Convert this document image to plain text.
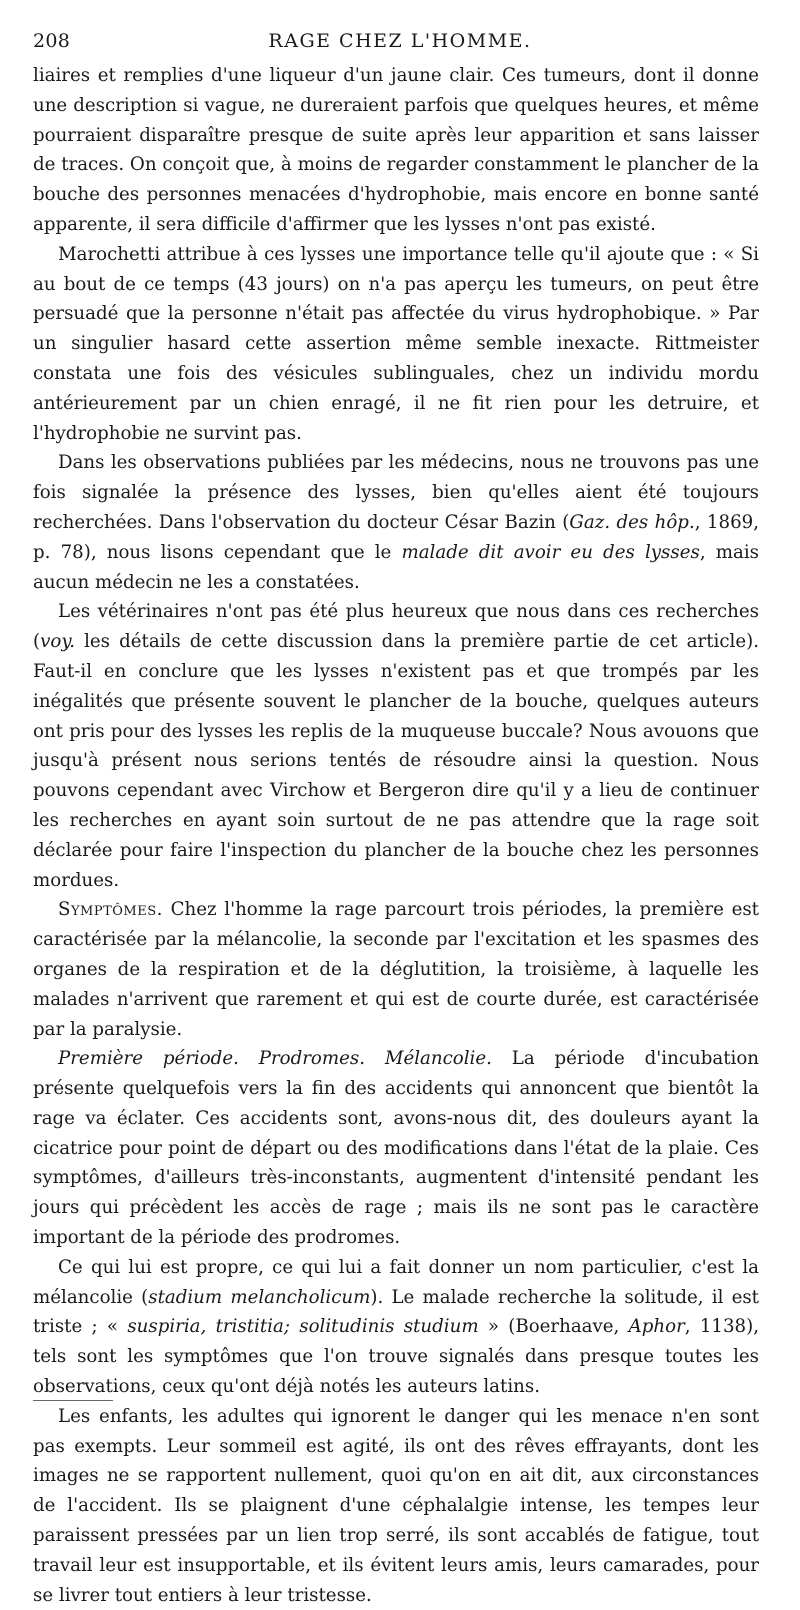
208	RAGE CHEZ L'HOMME.

liaires et remplies d'une liqueur d'un jaune clair. Ces tumeurs, dont il donne une description si vague, ne dureraient parfois que quelques heures, et même pourraient disparaître presque de suite après leur apparition et sans laisser de traces. On conçoit que, à moins de regarder constamment le plancher de la bouche des personnes menacées d'hydrophobie, mais encore en bonne santé apparente, il sera difficile d'affirmer que les lysses n'ont pas existé.

Marochetti attribue à ces lysses une importance telle qu'il ajoute que : « Si au bout de ce temps (43 jours) on n'a pas aperçu les tumeurs, on peut être persuadé que la personne n'était pas affectée du virus hydrophobique. » Par un singulier hasard cette assertion même semble inexacte. Rittmeister constata une fois des vésicules sublinguales, chez un individu mordu antérieurement par un chien enragé, il ne fit rien pour les detruire, et l'hydrophobie ne survint pas.

Dans les observations publiées par les médecins, nous ne trouvons pas une fois signalée la présence des lysses, bien qu'elles aient été toujours recherchées. Dans l'observation du docteur César Bazin (Gaz. des hôp., 1869, p. 78), nous lisons cependant que le malade dit avoir eu des lysses, mais aucun médecin ne les a constatées.

Les vétérinaires n'ont pas été plus heureux que nous dans ces recherches (voy. les détails de cette discussion dans la première partie de cet article). Faut-il en conclure que les lysses n'existent pas et que trompés par les inégalités que présente souvent le plancher de la bouche, quelques auteurs ont pris pour des lysses les replis de la muqueuse buccale? Nous avouons que jusqu'à présent nous serions tentés de résoudre ainsi la question. Nous pouvons cependant avec Virchow et Bergeron dire qu'il y a lieu de continuer les recherches en ayant soin surtout de ne pas attendre que la rage soit déclarée pour faire l'inspection du plancher de la bouche chez les personnes mordues.

Symptômes. Chez l'homme la rage parcourt trois périodes, la première est caractérisée par la mélancolie, la seconde par l'excitation et les spasmes des organes de la respiration et de la déglutition, la troisième, à laquelle les malades n'arrivent que rarement et qui est de courte durée, est caractérisée par la paralysie.

Première période. Prodromes. Mélancolie. La période d'incubation présente quelquefois vers la fin des accidents qui annoncent que bientôt la rage va éclater. Ces accidents sont, avons-nous dit, des douleurs ayant la cicatrice pour point de départ ou des modifications dans l'état de la plaie. Ces symptômes, d'ailleurs très-inconstants, augmentent d'intensité pendant les jours qui précèdent les accès de rage ; mais ils ne sont pas le caractère important de la période des prodromes.

Ce qui lui est propre, ce qui lui a fait donner un nom particulier, c'est la mélancolie (stadium melancholicum). Le malade recherche la solitude, il est triste ; « suspiria, tristitia; solitudinis studium » (Boerhaave, Aphor, 1138), tels sont les symptômes que l'on trouve signalés dans presque toutes les observations, ceux qu'ont déjà notés les auteurs latins.

Les enfants, les adultes qui ignorent le danger qui les menace n'en sont pas exempts. Leur sommeil est agité, ils ont des rêves effrayants, dont les images ne se rapportent nullement, quoi qu'on en ait dit, aux circonstances de l'accident. Ils se plaignent d'une céphalalgie intense, les tempes leur paraissent pressées par un lien trop serré, ils sont accablés de fatigue, tout travail leur est insupportable, et ils évitent leurs amis, leurs camarades, pour se livrer tout entiers à leur tristesse.
